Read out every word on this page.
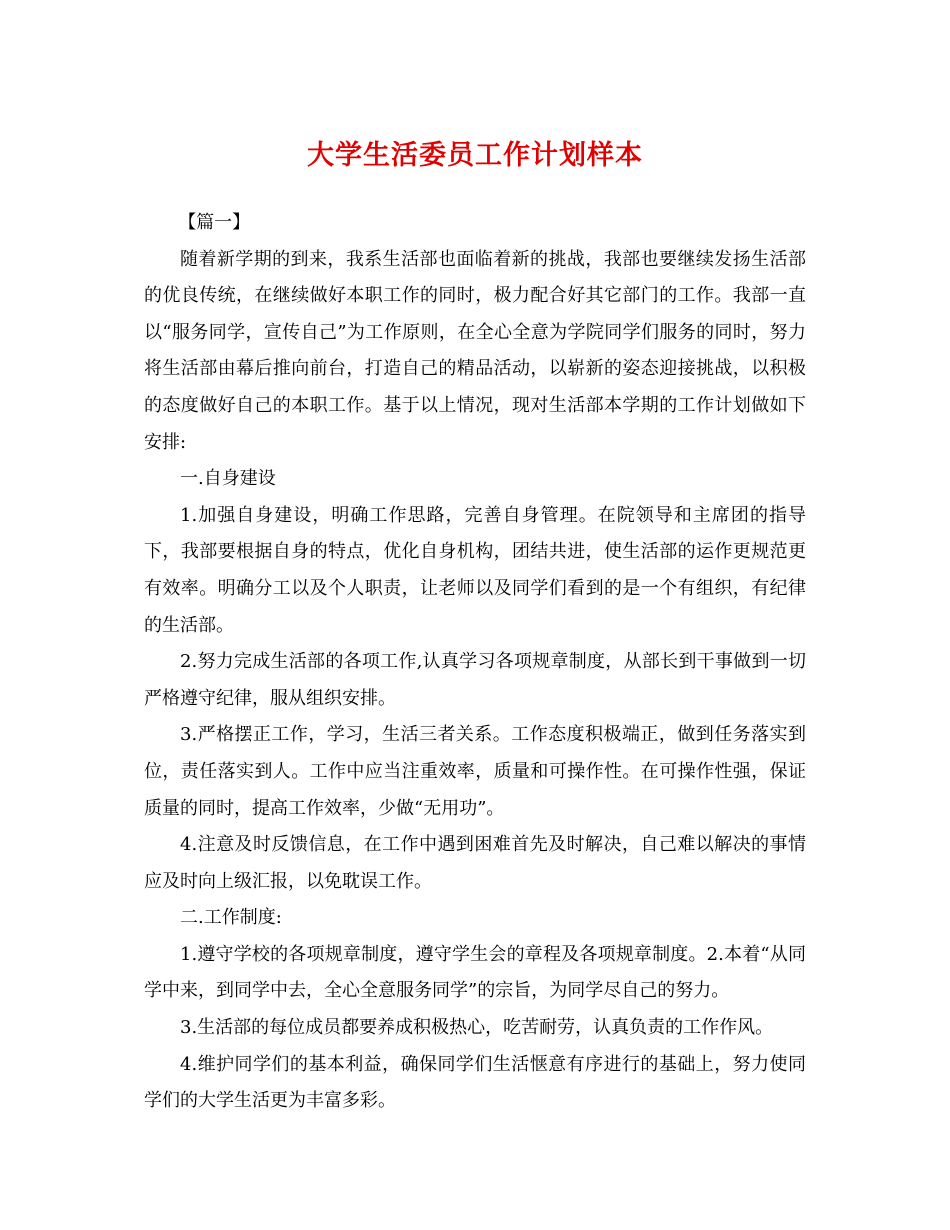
大学生活委员工作计划样本

【篇一】

随着新学期的到来，我系生活部也面临着新的挑战，我部也要继续发扬生活部的优良传统，在继续做好本职工作的同时，极力配合好其它部门的工作。我部一直以“服务同学，宣传自己”为工作原则，在全心全意为学院同学们服务的同时，努力将生活部由幕后推向前台，打造自己的精品活动，以崭新的姿态迎接挑战，以积极的态度做好自己的本职工作。基于以上情况，现对生活部本学期的工作计划做如下安排:

一.自身建设

1.加强自身建设，明确工作思路，完善自身管理。在院领导和主席团的指导下，我部要根据自身的特点，优化自身机构，团结共进，使生活部的运作更规范更有效率。明确分工以及个人职责，让老师以及同学们看到的是一个有组织，有纪律的生活部。

2.努力完成生活部的各项工作,认真学习各项规章制度，从部长到干事做到一切严格遵守纪律，服从组织安排。

3.严格摆正工作，学习，生活三者关系。工作态度积极端正，做到任务落实到位，责任落实到人。工作中应当注重效率，质量和可操作性。在可操作性强，保证质量的同时，提高工作效率，少做“无用功”。

4.注意及时反馈信息，在工作中遇到困难首先及时解决，自己难以解决的事情应及时向上级汇报，以免耽误工作。

二.工作制度:

1.遵守学校的各项规章制度，遵守学生会的章程及各项规章制度。2.本着“从同学中来，到同学中去，全心全意服务同学”的宗旨，为同学尽自己的努力。

3.生活部的每位成员都要养成积极热心，吃苦耐劳，认真负责的工作作风。

4.维护同学们的基本利益，确保同学们生活惬意有序进行的基础上，努力使同学们的大学生活更为丰富多彩。
